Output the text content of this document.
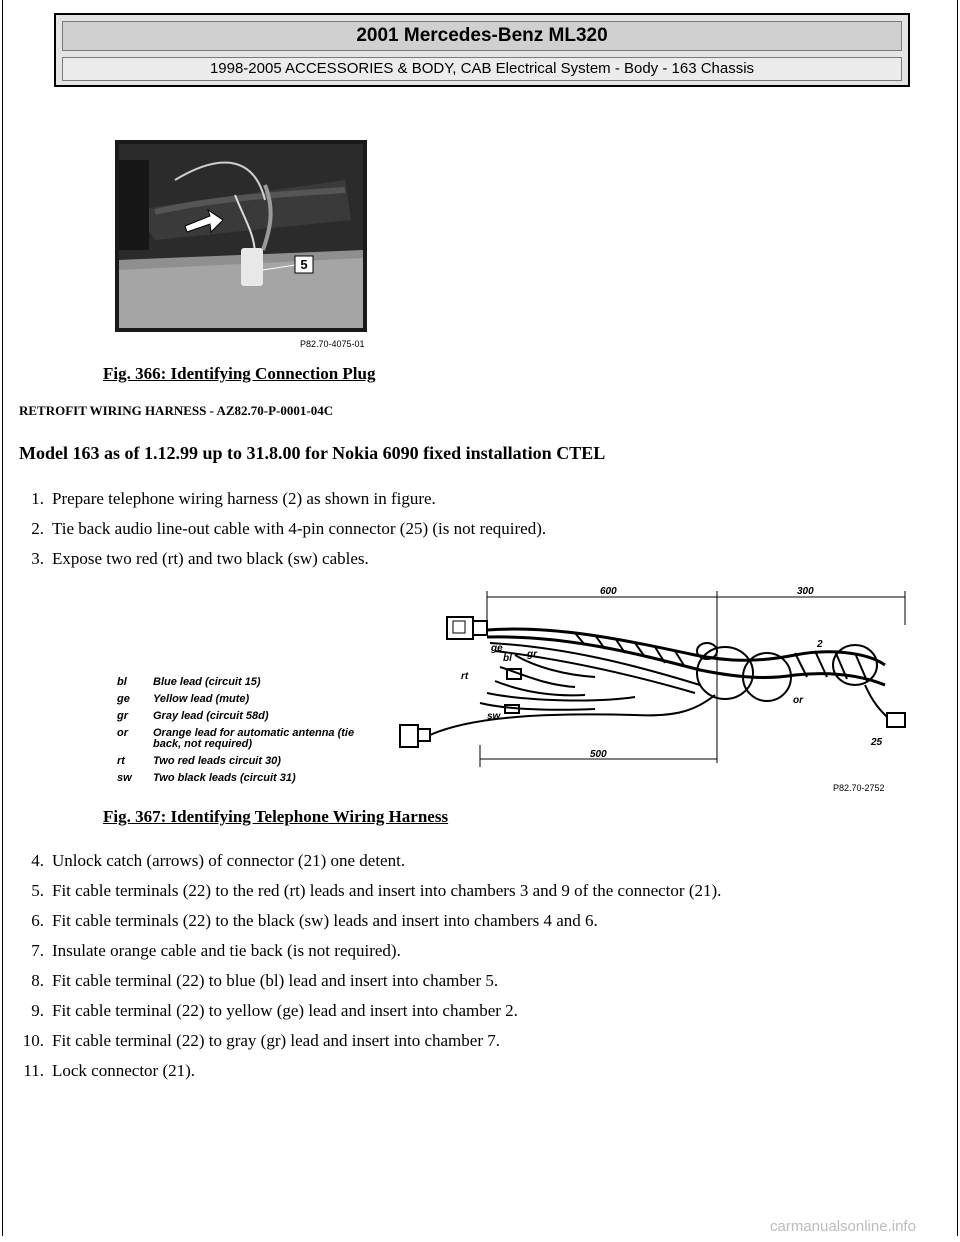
2001 Mercedes-Benz ML320
1998-2005 ACCESSORIES & BODY, CAB Electrical System - Body - 163 Chassis
5
P82.70-4075-01
Fig. 366: Identifying Connection Plug
RETROFIT WIRING HARNESS - AZ82.70-P-0001-04C
Model 163 as of 1.12.99 up to 31.8.00 for Nokia 6090 fixed installation CTEL
1. Prepare telephone wiring harness (2) as shown in figure.
2. Tie back audio line-out cable with 4-pin connector (25) (is not required).
3. Expose two red (rt) and two black (sw) cables.
bl Blue lead (circuit 15)
ge Yellow lead (mute)
gr Gray lead (circuit 58d)
or Orange lead for automatic antenna (tie
back, not required)
rt	Two red leads circuit 30)
sw Two black leads (circuit 31)
600	300
500
2
or
25
rt
sw
ge
bl gr
P82.70-2752
Fig. 367: Identifying Telephone Wiring Harness
4. Unlock catch (arrows) of connector (21) one detent.
5. Fit cable terminals (22) to the red (rt) leads and insert into chambers 3 and 9 of the connector (21).
6. Fit cable terminals (22) to the black (sw) leads and insert into chambers 4 and 6.
7. Insulate orange cable and tie back (is not required).
8. Fit cable terminal (22) to blue (bl) lead and insert into chamber 5.
9. Fit cable terminal (22) to yellow (ge) lead and insert into chamber 2.
10. Fit cable terminal (22) to gray (gr) lead and insert into chamber 7.
11. Lock connector (21).
carmanualsonline.info
